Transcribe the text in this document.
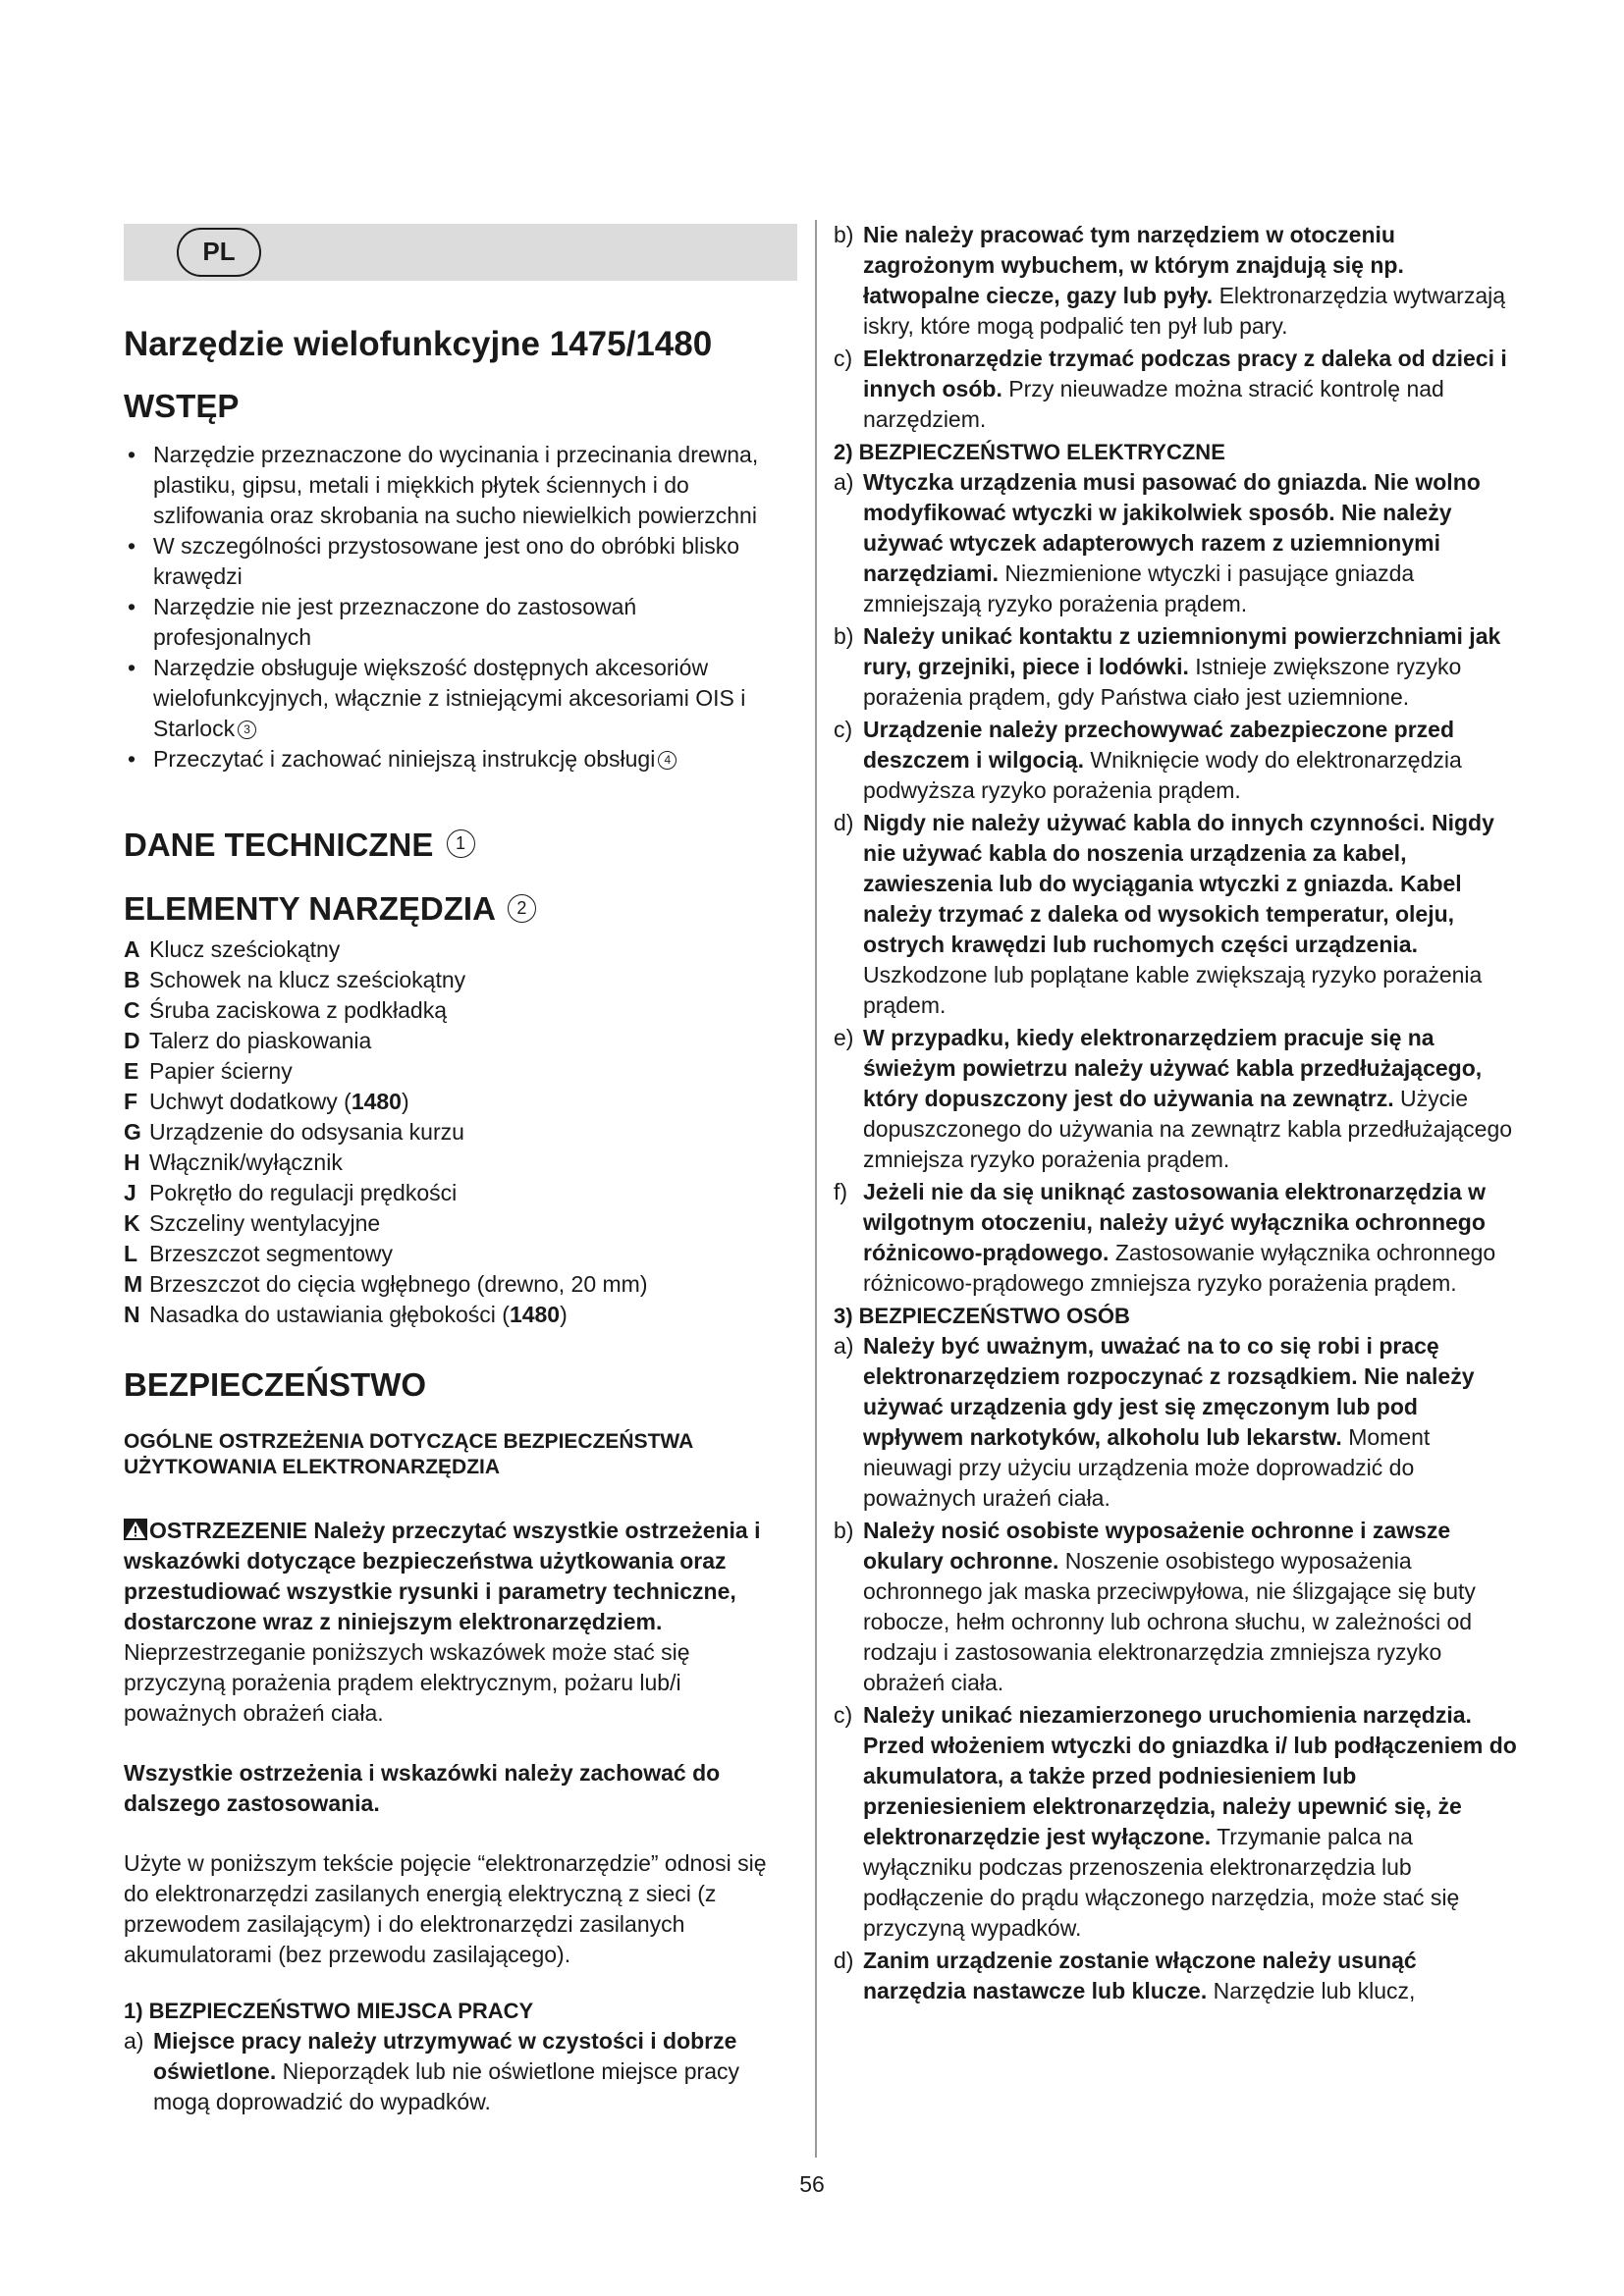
PL
Narzędzie wielofunkcyjne 1475/1480
WSTĘP
• Narzędzie przeznaczone do wycinania i przecinania drewna, plastiku, gipsu, metali i miękkich płytek ściennych i do szlifowania oraz skrobania na sucho niewielkich powierzchni
• W szczególności przystosowane jest ono do obróbki blisko krawędzi
• Narzędzie nie jest przeznaczone do zastosowań profesjonalnych
• Narzędzie obsługuje większość dostępnych akcesoriów wielofunkcyjnych, włącznie z istniejącymi akcesoriami OIS i Starlock 3
• Przeczytać i zachować niniejszą instrukcję obsługi 4
DANE TECHNICZNE 1
ELEMENTY NARZĘDZIA 2
A Klucz sześciokątny
B Schowek na klucz sześciokątny
C Śruba zaciskowa z podkładką
D Talerz do piaskowania
E Papier ścierny
F Uchwyt dodatkowy (1480)
G Urządzenie do odsysania kurzu
H Włącznik/wyłącznik
J Pokrętło do regulacji prędkości
K Szczeliny wentylacyjne
L Brzeszczot segmentowy
M Brzeszczot do cięcia wgłębnego (drewno, 20 mm)
N Nasadka do ustawiania głębokości (1480)
BEZPIECZEŃSTWO
OGÓLNE OSTRZEŻENIA DOTYCZĄCE BEZPIECZEŃSTWA UŻYTKOWANIA ELEKTRONARZĘDZIA

OSTRZEZENIE Należy przeczytać wszystkie ostrzeżenia i wskazówki dotyczące bezpieczeństwa użytkowania oraz przestudiować wszystkie rysunki i parametry techniczne, dostarczone wraz z niniejszym elektronarzędziem. Nieprzestrzeganie poniższych wskazówek może stać się przyczyną porażenia prądem elektrycznym, pożaru lub/i poważnych obrażeń ciała.

Wszystkie ostrzeżenia i wskazówki należy zachować do dalszego zastosowania.

Użyte w poniższym tekście pojęcie “elektronarzędzie” odnosi się do elektronarzędzi zasilanych energią elektryczną z sieci (z przewodem zasilającym) i do elektronarzędzi zasilanych akumulatorami (bez przewodu zasilającego).

1) BEZPIECZEŃSTWO MIEJSCA PRACY
a) Miejsce pracy należy utrzymywać w czystości i dobrze oświetlone. Nieporządek lub nie oświetlone miejsce pracy mogą doprowadzić do wypadków.
b) Nie należy pracować tym narzędziem w otoczeniu zagrożonym wybuchem, w którym znajdują się np. łatwopalne ciecze, gazy lub pyły. Elektronarzędzia wytwarzają iskry, które mogą podpalić ten pył lub pary.
c) Elektronarzędzie trzymać podczas pracy z daleka od dzieci i innych osób. Przy nieuwadze można stracić kontrolę nad narzędziem.
2) BEZPIECZEŃSTWO ELEKTRYCZNE
a) Wtyczka urządzenia musi pasować do gniazda. Nie wolno modyfikować wtyczki w jakikolwiek sposób. Nie należy używać wtyczek adapterowych razem z uziemnionymi narzędziami. Niezmienione wtyczki i pasujące gniazda zmniejszają ryzyko porażenia prądem.
b) Należy unikać kontaktu z uziemnionymi powierzchniami jak rury, grzejniki, piece i lodówki. Istnieje zwiększone ryzyko porażenia prądem, gdy Państwa ciało jest uziemnione.
c) Urządzenie należy przechowywać zabezpieczone przed deszczem i wilgocią. Wniknięcie wody do elektronarzędzia podwyższa ryzyko porażenia prądem.
d) Nigdy nie należy używać kabla do innych czynności. Nigdy nie używać kabla do noszenia urządzenia za kabel, zawieszenia lub do wyciągania wtyczki z gniazda. Kabel należy trzymać z daleka od wysokich temperatur, oleju, ostrych krawędzi lub ruchomych części urządzenia. Uszkodzone lub poplątane kable zwiększają ryzyko porażenia prądem.
e) W przypadku, kiedy elektronarzędziem pracuje się na świeżym powietrzu należy używać kabla przedłużającego, który dopuszczony jest do używania na zewnątrz. Użycie dopuszczonego do używania na zewnątrz kabla przedłużającego zmniejsza ryzyko porażenia prądem.
f) Jeżeli nie da się uniknąć zastosowania elektronarzędzia w wilgotnym otoczeniu, należy użyć wyłącznika ochronnego różnicowo-prądowego. Zastosowanie wyłącznika ochronnego różnicowo-prądowego zmniejsza ryzyko porażenia prądem.
3) BEZPIECZEŃSTWO OSÓB
a) Należy być uważnym, uważać na to co się robi i pracę elektronarzędziem rozpoczynać z rozsądkiem. Nie należy używać urządzenia gdy jest się zmęczonym lub pod wpływem narkotyków, alkoholu lub lekarstw. Moment nieuwagi przy użyciu urządzenia może doprowadzić do poważnych urażeń ciała.
b) Należy nosić osobiste wyposażenie ochronne i zawsze okulary ochronne. Noszenie osobistego wyposażenia ochronnego jak maska przeciwpyłowa, nie ślizgające się buty robocze, hełm ochronny lub ochrona słuchu, w zależności od rodzaju i zastosowania elektronarzędzia zmniejsza ryzyko obrażeń ciała.
c) Należy unikać niezamierzonego uruchomienia narzędzia. Przed włożeniem wtyczki do gniazdka i/ lub podłączeniem do akumulatora, a także przed podniesieniem lub przeniesieniem elektronarzędzia, należy upewnić się, że elektronarzędzie jest wyłączone. Trzymanie palca na wyłączniku podczas przenoszenia elektronarzędzia lub podłączenie do prądu włączonego narzędzia, może stać się przyczyną wypadków.
d) Zanim urządzenie zostanie włączone należy usunąć narzędzia nastawcze lub klucze. Narzędzie lub klucz,
56
